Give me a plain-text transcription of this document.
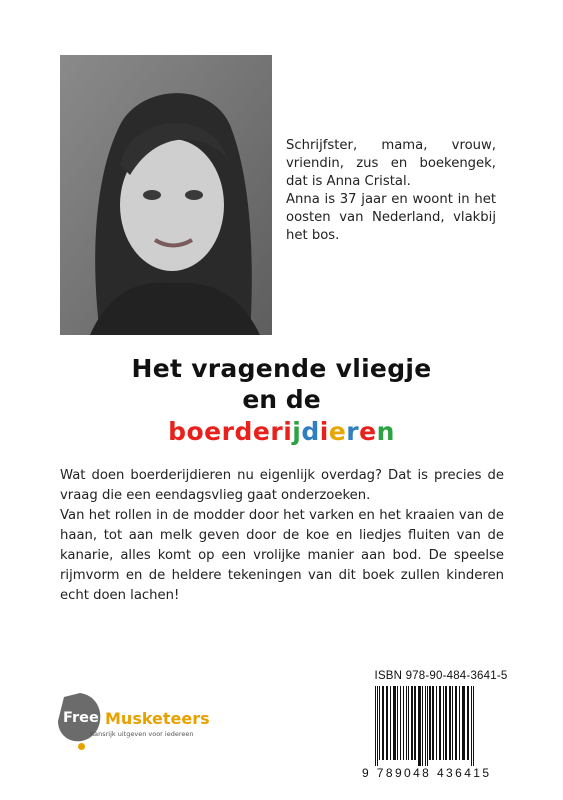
Schrijfster, mama, vrouw, vriendin, zus en boekengek, dat is Anna Cristal.

Anna is 37 jaar en woont in het oosten van Nederland, vlakbij het bos.

Het vragende vliegje
en de
boerderijdieren

Wat doen boerderijdieren nu eigenlijk overdag? Dat is precies de vraag die een eendagsvlieg gaat onderzoeken.

Van het rollen in de modder door het varken en het kraaien van de haan, tot aan melk geven door de koe en liedjes fluiten van de kanarie, alles komt op een vrolijke manier aan bod. De speelse rijmvorm en de heldere tekeningen van dit boek zullen kinderen echt doen lachen!

Free Musketeers
Kansrijk uitgeven voor iedereen
ISBN 978-90-484-3641-5
9 789048 436415
